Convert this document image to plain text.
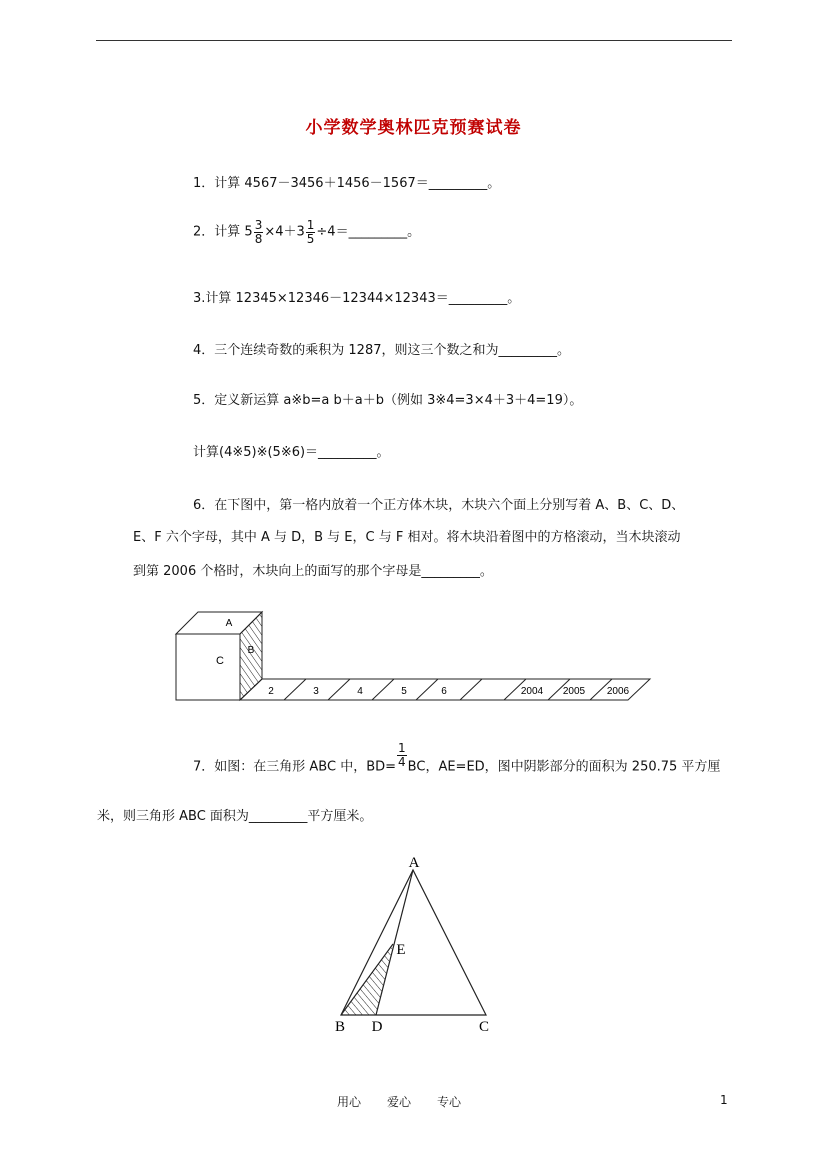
小学数学奥林匹克预赛试卷
1．计算 4567－3456＋1456－1567＝_________。
2．计算 $5 \frac{3}{8} \times 4+3 \frac{1}{5}$ ÷4＝_________。
3.计算 12345×12346－12344×12343＝_________。
4．三个连续奇数的乘积为 1287，则这三个数之和为_________。
5．定义新运算 a※b=a b＋a＋b（例如 3※4=3×4＋3＋4=19）。
计算(4※5)※(5※6)＝_________。
6．在下图中，第一格内放着一个正方体木块，木块六个面上分别写着 A、B、C、D、
E、F 六个字母，其中 A 与 D，B 与 E，C 与 F 相对。将木块沿着图中的方格滚动，当木块滚动
到第 2006 个格时，木块向上的面写的那个字母是_________。
A
C
B
2	3	4	5	6	2004 2005 2006
7．如图：在三角形 ABC 中，$BD= \frac{1}{4}$ BC，AE=ED，图中阴影部分的面积为 250.75 平方厘
米，则三角形 ABC 面积为_________平方厘米。
A
B	C
D
E
用心 爱心 专心	1
